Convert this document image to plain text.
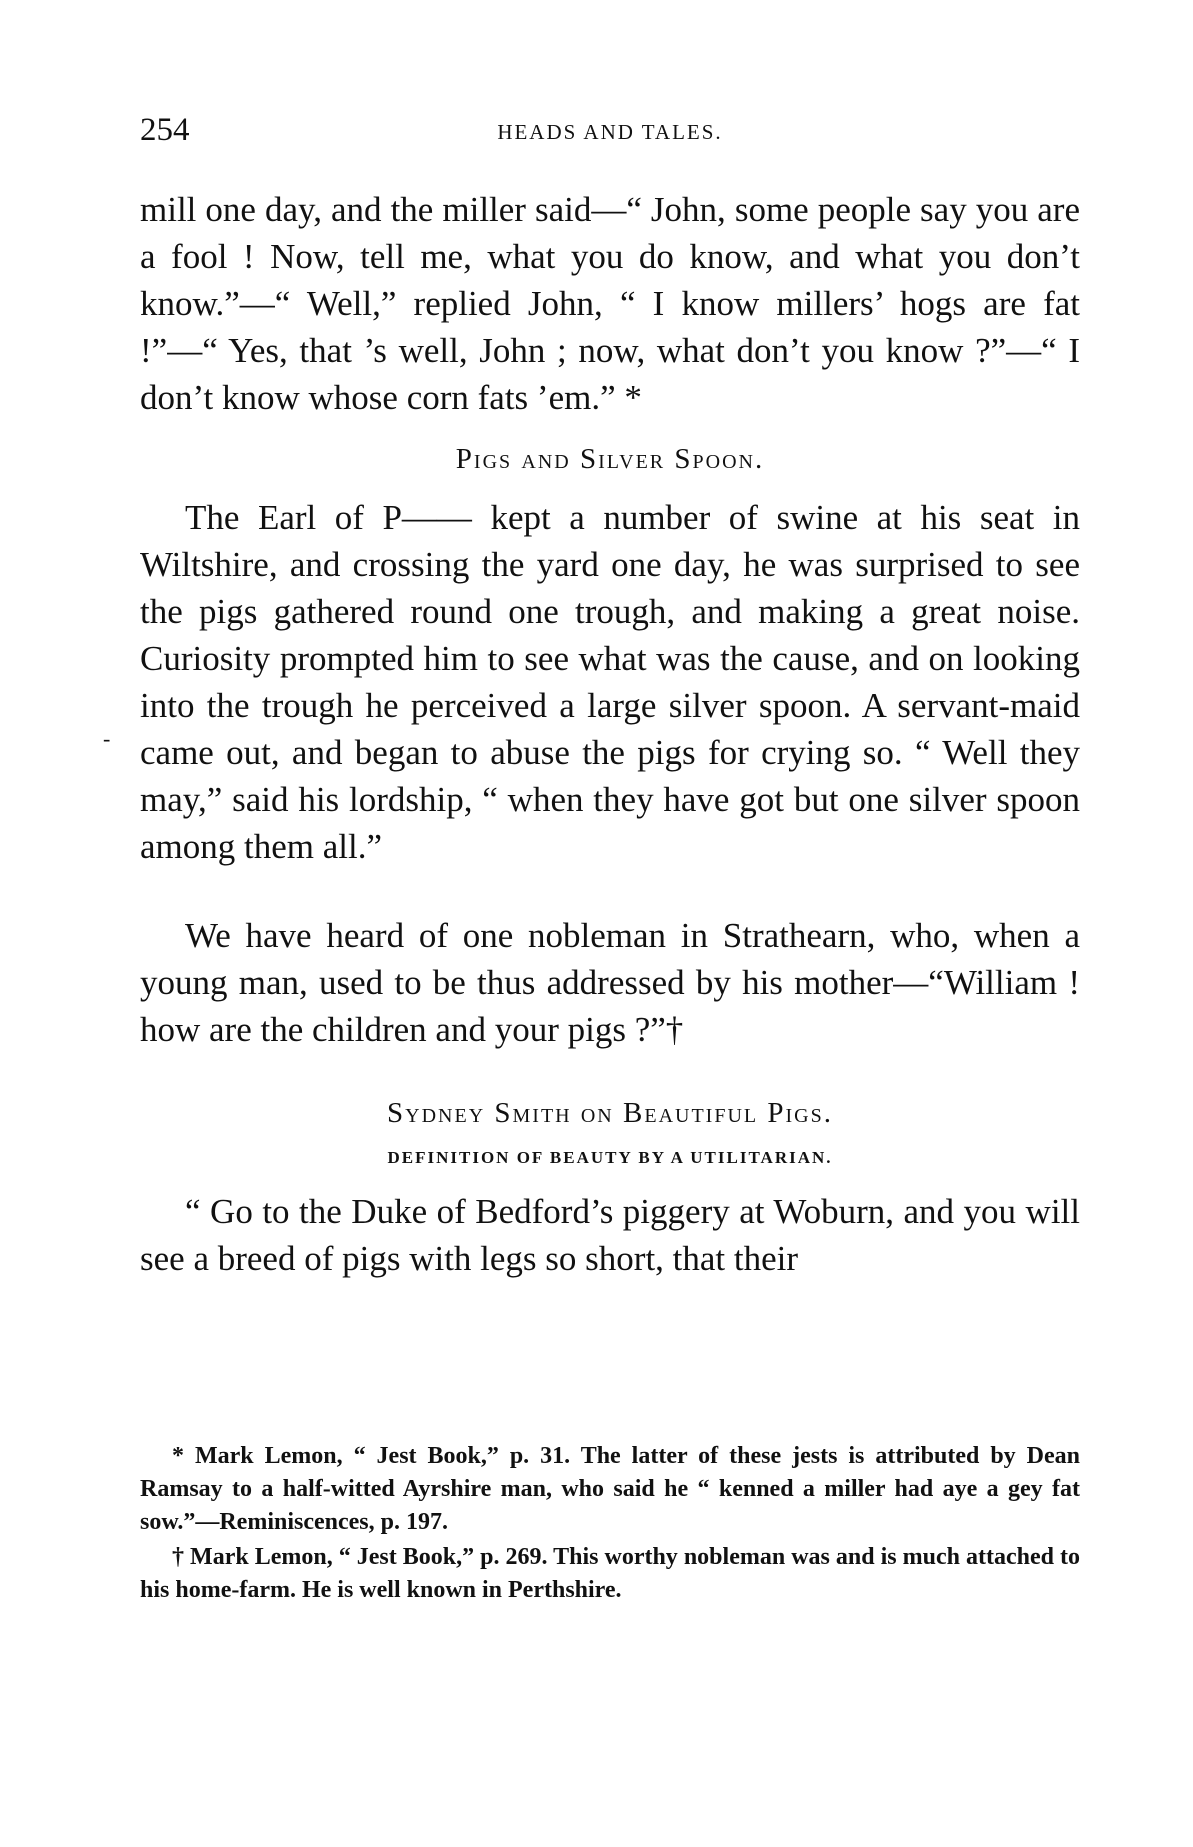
254	HEADS AND TALES.

mill one day, and the miller said—“ John, some people say you are a fool ! Now, tell me, what you do know, and what you don’t know.”—“ Well,” replied John, “ I know millers’ hogs are fat !”—“ Yes, that ’s well, John ; now, what don’t you know ?”—“ I don’t know whose corn fats ’em.” *

Pigs and Silver Spoon.

The Earl of P—— kept a number of swine at his seat in Wiltshire, and crossing the yard one day, he was surprised to see the pigs gathered round one trough, and making a great noise. Curiosity prompted him to see what was the cause, and on looking into the trough he perceived a large silver spoon. A servant-maid came out, and began to abuse the pigs for crying so. “ Well they may,” said his lordship, “ when they have got but one silver spoon among them all.”

We have heard of one nobleman in Strathearn, who, when a young man, used to be thus addressed by his mother—“William ! how are the children and your pigs ?”†

Sydney Smith on Beautiful Pigs.
DEFINITION OF BEAUTY BY A UTILITARIAN.

“ Go to the Duke of Bedford’s piggery at Woburn, and you will see a breed of pigs with legs so short, that their

-

* Mark Lemon, “ Jest Book,” p. 31. The latter of these jests is attributed by Dean Ramsay to a half-witted Ayrshire man, who said he “ kenned a miller had aye a gey fat sow.”—Reminiscences, p. 197.

† Mark Lemon, “ Jest Book,” p. 269. This worthy nobleman was and is much attached to his home-farm. He is well known in Perthshire.
